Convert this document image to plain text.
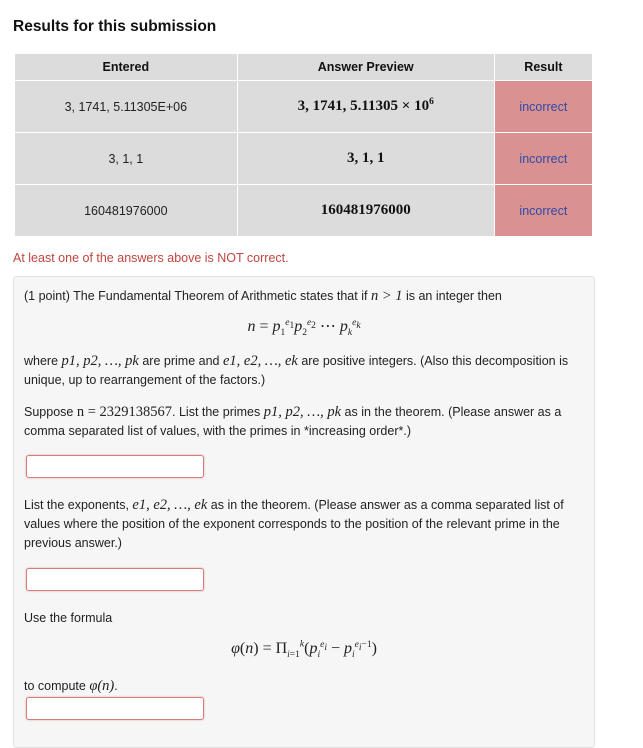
Results for this submission
Entered	Answer Preview	Result
3, 1741, 5.11305E+06	3, 1741, $5.11305 \times 10^6$	incorrect
3, 1, 1	3, 1, 1	incorrect
160481976000	160481976000	incorrect
At least one of the answers above is NOT correct.

(1 point) The Fundamental Theorem of Arithmetic states that if n > 1 is an integer then

$n = p_1^{e_1}p_2^{e_2}$ ⋯ $p_k^{e_k}$

where p1, p2, …, pk are prime and e1, e2, …, ek are positive integers. (Also this decomposition is unique, up to rearrangement of the factors.)

Suppose n = 2329138567. List the primes p1, p2, …, pk as in the theorem. (Please answer as a comma separated list of values, with the primes in *increasing order*.)

List the exponents, e1, e2, …, ek as in the theorem. (Please answer as a comma separated list of values where the position of the exponent corresponds to the position of the relevant prime in the previous answer.)

Use the formula

$\varphi(n) = \Pi_{i=1}^k(p_i^{e_i} - p_i^{e_i-1})$

to compute φ(n).
